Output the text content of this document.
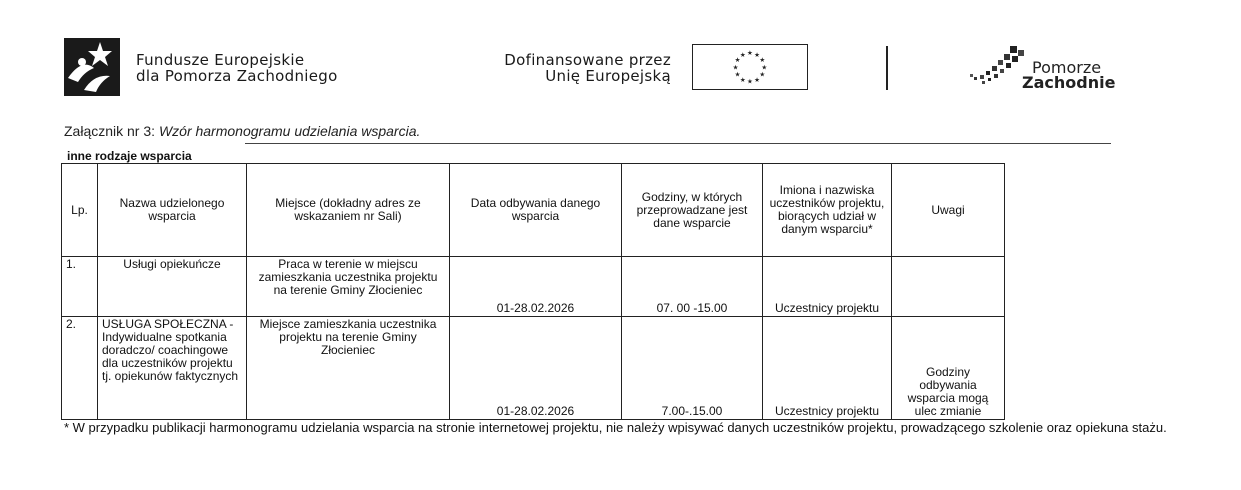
Fundusze Europejskie
dla Pomorza Zachodniego
Dofinansowane przez
Unię Europejską
★ ★
★
★
★
★
★
★
★
★
★
★
Pomorze
Zachodnie
Załącznik nr 3: Wzór harmonogramu udzielania wsparcia.
inne rodzaje wsparcia
Lp.	Nazwa udzielonego wsparcia	Miejsce (dokładny adres ze wskazaniem nr Sali)	Data odbywania danego wsparcia	Godziny, w których przeprowadzane jest dane wsparcie	Imiona i nazwiska uczestników projektu, biorących udział w danym wsparciu*	Uwagi
1.	Usługi opiekuńcze	Praca w terenie w miejscu zamieszkania uczestnika projektu na terenie Gminy Złocieniec	01-28.02.2026	07. 00 -15.00	Uczestnicy projektu	
2.	USŁUGA SPOŁECZNA - Indywidualne spotkania doradczo/ coachingowe dla uczestników projektu tj. opiekunów faktycznych	Miejsce zamieszkania uczestnika projektu na terenie Gminy Złocieniec	01-28.02.2026	7.00-.15.00	Uczestnicy projektu	Godziny odbywania wsparcia mogą ulec zmianie
* W przypadku publikacji harmonogramu udzielania wsparcia na stronie internetowej projektu, nie należy wpisywać danych uczestników projektu, prowadzącego szkolenie oraz opiekuna stażu.
